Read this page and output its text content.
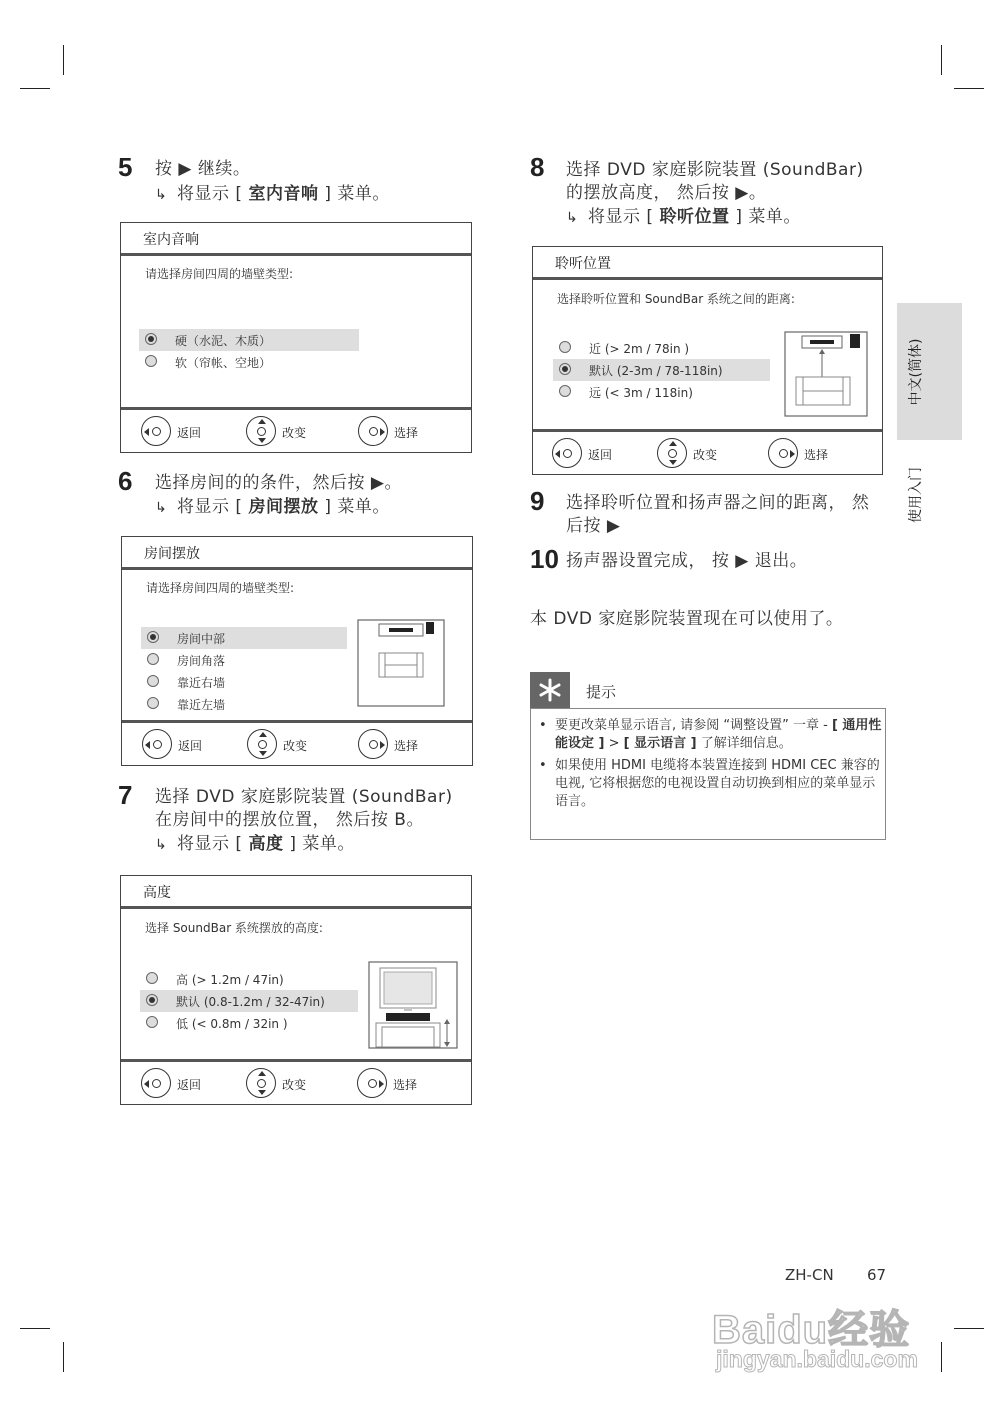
5 按 ▶ 继续。
↳ 将显示 [ 室内音响 ] 菜单。
室内音响
请选择房间四周的墙壁类型:
硬（水泥、木质）
软（帘帐、空地）
返回	改变	选择
6 选择房间的的条件，然后按 ▶。
↳ 将显示 [ 房间摆放 ] 菜单。
房间摆放
请选择房间四周的墙壁类型:
房间中部
房间角落
靠近右墙
靠近左墙
返回	改变	选择
7 选择 DVD 家庭影院装置 (SoundBar)
在房间中的摆放位置， 然后按 B。
↳ 将显示 [ 高度 ] 菜单。
高度
选择 SoundBar 系统摆放的高度:
高 (> 1.2m / 47in)
默认 (0.8-1.2m / 32-47in)
低 (< 0.8m / 32in )
返回	改变	选择
8 选择 DVD 家庭影院装置 (SoundBar)
的摆放高度， 然后按 ▶。
↳ 将显示 [ 聆听位置 ] 菜单。
聆听位置
选择聆听位置和 SoundBar 系统之间的距离:
近 (> 2m / 78in )
默认 (2-3m / 78-118in)
远 (< 3m / 118in)
返回	改变	选择
9 选择聆听位置和扬声器之间的距离， 然
后按 ▶
10 扬声器设置完成， 按 ▶ 退出。
本 DVD 家庭影院装置现在可以使用了。
提示
• 要更改菜单显示语言, 请参阅 “调整设置” 一章 - [ 通用性能设定 ] > [ 显示语言 ] 了解详细信息。
• 如果使用 HDMI 电缆将本装置连接到 HDMI CEC 兼容的电视, 它将根据您的电视设置自动切换到相应的菜单显示语言。
中文(简体)
使用入门
ZH-CN 67
Baidu经验
jingyan.baidu.com
